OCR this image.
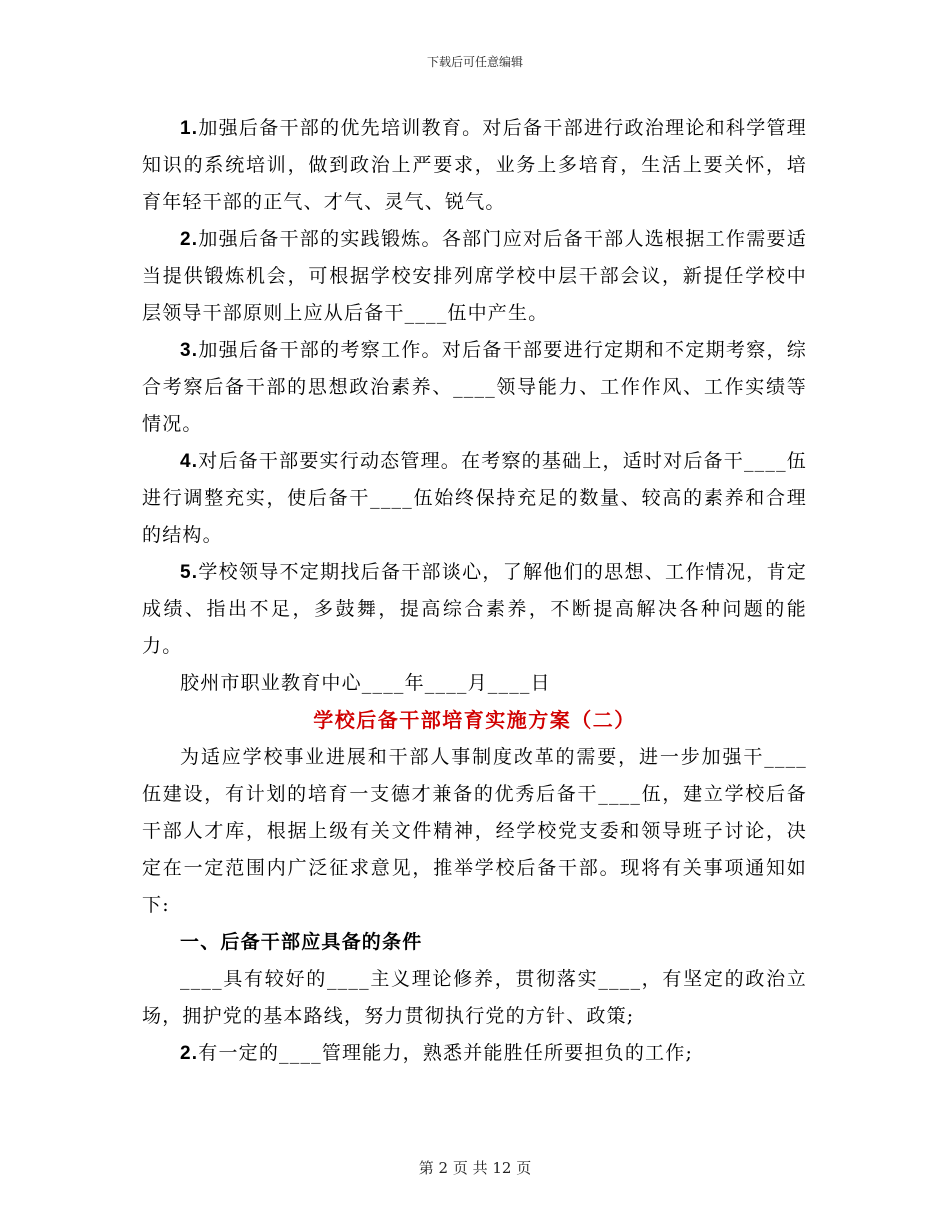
下载后可任意编辑

1.加强后备干部的优先培训教育。对后备干部进行政治理论和科学管理知识的系统培训，做到政治上严要求，业务上多培育，生活上要关怀，培育年轻干部的正气、才气、灵气、锐气。

2.加强后备干部的实践锻炼。各部门应对后备干部人选根据工作需要适当提供锻炼机会，可根据学校安排列席学校中层干部会议，新提任学校中层领导干部原则上应从后备干____伍中产生。

3.加强后备干部的考察工作。对后备干部要进行定期和不定期考察，综合考察后备干部的思想政治素养、____领导能力、工作作风、工作实绩等情况。

4.对后备干部要实行动态管理。在考察的基础上，适时对后备干____伍进行调整充实，使后备干____伍始终保持充足的数量、较高的素养和合理的结构。

5.学校领导不定期找后备干部谈心，了解他们的思想、工作情况，肯定成绩、指出不足，多鼓舞，提高综合素养，不断提高解决各种问题的能力。

胶州市职业教育中心____年____月____日

学校后备干部培育实施方案（二）

为适应学校事业进展和干部人事制度改革的需要，进一步加强干____伍建设，有计划的培育一支德才兼备的优秀后备干____伍，建立学校后备干部人才库，根据上级有关文件精神，经学校党支委和领导班子讨论，决定在一定范围内广泛征求意见，推举学校后备干部。现将有关事项通知如下:

一、后备干部应具备的条件

____具有较好的____主义理论修养，贯彻落实____，有坚定的政治立场，拥护党的基本路线，努力贯彻执行党的方针、政策;

2.有一定的____管理能力，熟悉并能胜任所要担负的工作;

第 2 页 共 12 页
